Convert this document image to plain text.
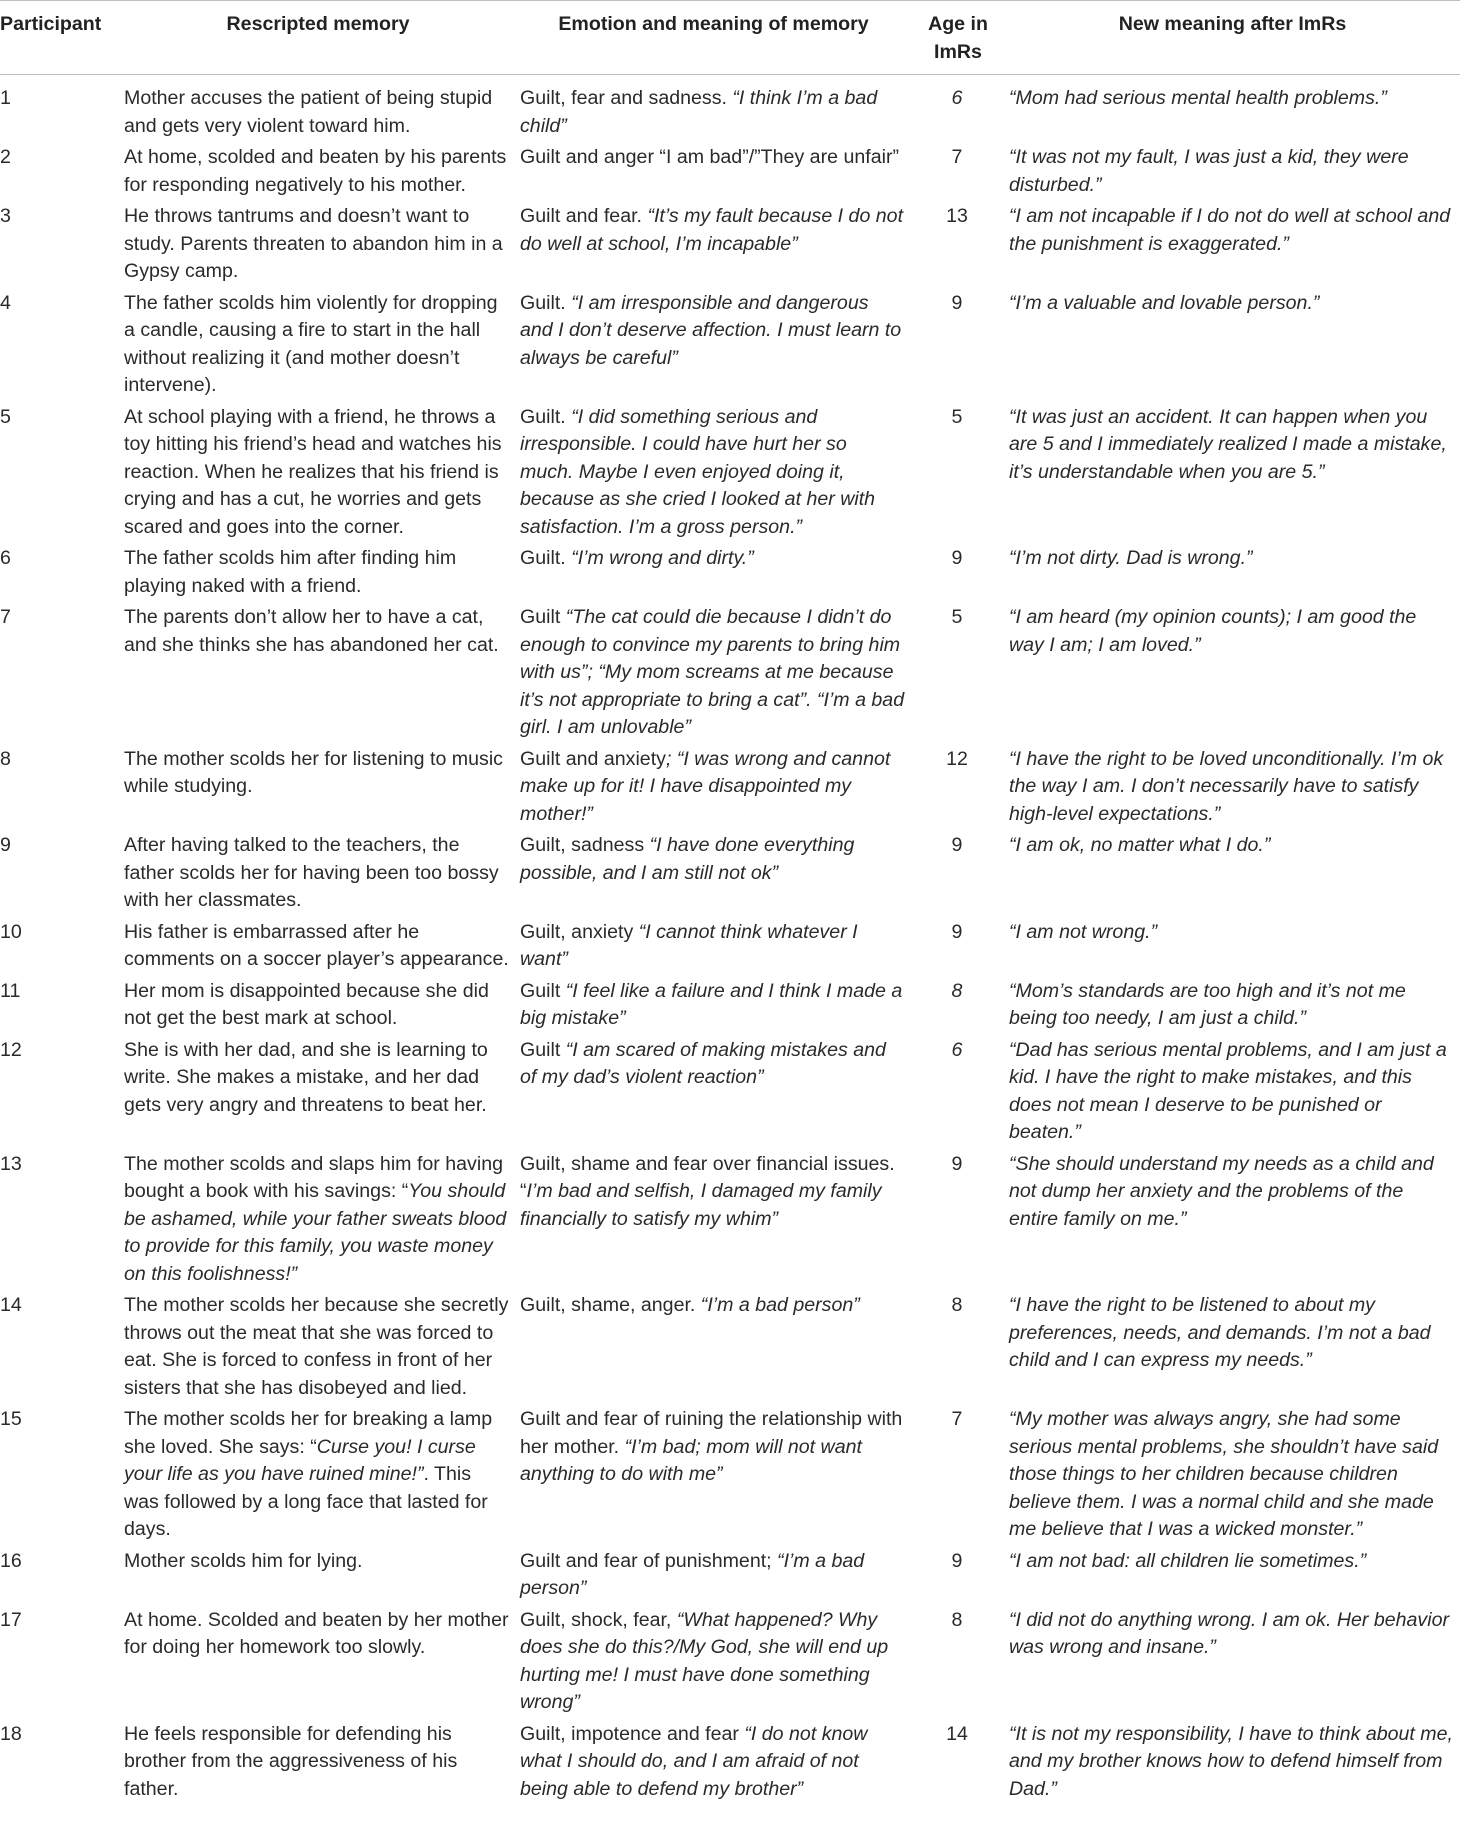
Participant	Rescripted memory	Emotion and meaning of memory	Age in ImRs	New meaning after ImRs
1	Mother accuses the patient of being stupid and gets very violent toward him.	Guilt, fear and sadness. “I think I’m a bad child”	6	“Mom had serious mental health problems.”
2	At home, scolded and beaten by his parents for responding negatively to his mother.	Guilt and anger “I am bad”/”They are unfair”	7	“It was not my fault, I was just a kid, they were disturbed.”
3	He throws tantrums and doesn’t want to study. Parents threaten to abandon him in a Gypsy camp.	Guilt and fear. “It’s my fault because I do not do well at school, I’m incapable”	13	“I am not incapable if I do not do well at school and the punishment is exaggerated.”
4	The father scolds him violently for dropping a candle, causing a fire to start in the hall without realizing it (and mother doesn’t intervene).	Guilt. “I am irresponsible and dangerous and I don’t deserve affection. I must learn to always be careful”	9	“I’m a valuable and lovable person.”
5	At school playing with a friend, he throws a toy hitting his friend’s head and watches his reaction. When he realizes that his friend is crying and has a cut, he worries and gets scared and goes into the corner.	Guilt. “I did something serious and irresponsible. I could have hurt her so much. Maybe I even enjoyed doing it, because as she cried I looked at her with satisfaction. I’m a gross person.”	5	“It was just an accident. It can happen when you are 5 and I immediately realized I made a mistake, it’s understandable when you are 5.”
6	The father scolds him after finding him playing naked with a friend.	Guilt. “I’m wrong and dirty.”	9	“I’m not dirty. Dad is wrong.”
7	The parents don’t allow her to have a cat, and she thinks she has abandoned her cat.	Guilt “The cat could die because I didn’t do enough to convince my parents to bring him with us”; “My mom screams at me because it’s not appropriate to bring a cat”. “I’m a bad girl. I am unlovable”	5	“I am heard (my opinion counts); I am good the way I am; I am loved.”
8	The mother scolds her for listening to music while studying.	Guilt and anxiety; “I was wrong and cannot make up for it! I have disappointed my mother!”	12	“I have the right to be loved unconditionally. I’m ok the way I am. I don’t necessarily have to satisfy high-level expectations.”
9	After having talked to the teachers, the father scolds her for having been too bossy with her classmates.	Guilt, sadness “I have done everything possible, and I am still not ok”	9	“I am ok, no matter what I do.”
10	His father is embarrassed after he comments on a soccer player’s appearance.	Guilt, anxiety “I cannot think whatever I want”	9	“I am not wrong.”
11	Her mom is disappointed because she did not get the best mark at school.	Guilt “I feel like a failure and I think I made a big mistake”	8	“Mom’s standards are too high and it’s not me being too needy, I am just a child.”
12	She is with her dad, and she is learning to write. She makes a mistake, and her dad gets very angry and threatens to beat her.	Guilt “I am scared of making mistakes and of my dad’s violent reaction”	6	“Dad has serious mental problems, and I am just a kid. I have the right to make mistakes, and this does not mean I deserve to be punished or beaten.”
13	The mother scolds and slaps him for having bought a book with his savings: “You should be ashamed, while your father sweats blood to provide for this family, you waste money on this foolishness!”	Guilt, shame and fear over financial issues. “I’m bad and selfish, I damaged my family financially to satisfy my whim”	9	“She should understand my needs as a child and not dump her anxiety and the problems of the entire family on me.”
14	The mother scolds her because she secretly throws out the meat that she was forced to eat. She is forced to confess in front of her sisters that she has disobeyed and lied.	Guilt, shame, anger. “I’m a bad person”	8	“I have the right to be listened to about my preferences, needs, and demands. I’m not a bad child and I can express my needs.”
15	The mother scolds her for breaking a lamp she loved. She says: “Curse you! I curse your life as you have ruined mine!”. This was followed by a long face that lasted for days.	Guilt and fear of ruining the relationship with her mother. “I’m bad; mom will not want anything to do with me”	7	“My mother was always angry, she had some serious mental problems, she shouldn’t have said those things to her children because children believe them. I was a normal child and she made me believe that I was a wicked monster.”
16	Mother scolds him for lying.	Guilt and fear of punishment; “I’m a bad person”	9	“I am not bad: all children lie sometimes.”
17	At home. Scolded and beaten by her mother for doing her homework too slowly.	Guilt, shock, fear, “What happened? Why does she do this?/My God, she will end up hurting me! I must have done something wrong”	8	“I did not do anything wrong. I am ok. Her behavior was wrong and insane.”
18	He feels responsible for defending his brother from the aggressiveness of his father.	Guilt, impotence and fear “I do not know what I should do, and I am afraid of not being able to defend my brother”	14	“It is not my responsibility, I have to think about me, and my brother knows how to defend himself from Dad.”
